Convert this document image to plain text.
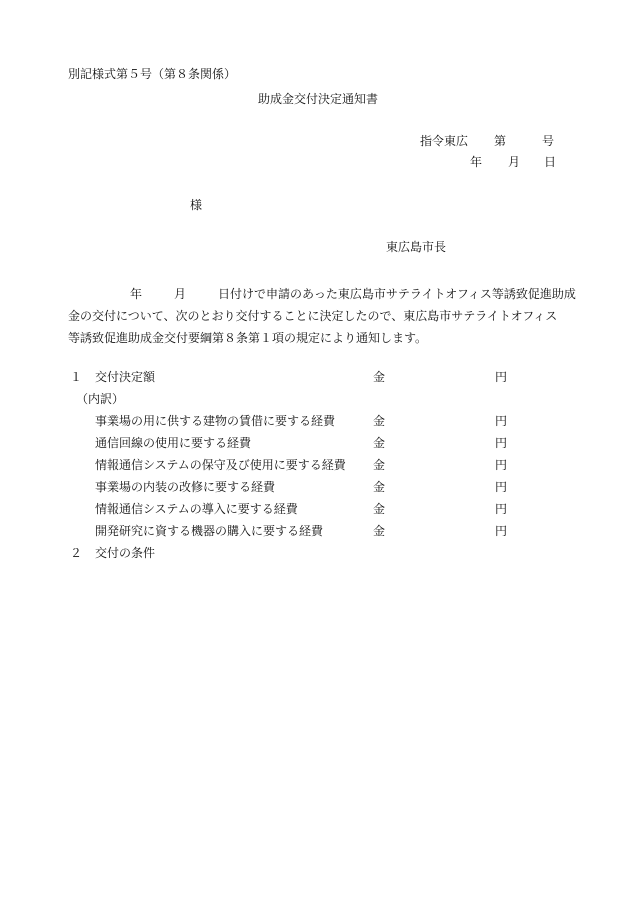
別記様式第５号（第８条関係）
助成金交付決定通知書
指令東広 第	号
年 月 日
様
東広島市長

年	月	日付けで申請のあった東広島市サテライトオフィス等誘致促進助成

金の交付について、次のとおり交付することに決定したので、東広島市サテライトオフィス

等誘致促進助成金交付要綱第８条第１項の規定により通知します。

１ 交付決定額	金	円
（内訳）
事業場の用に供する建物の賃借に要する経費	金	円
通信回線の使用に要する経費	金	円
情報通信システムの保守及び使用に要する経費 金	円
事業場の内装の改修に要する経費	金	円
情報通信システムの導入に要する経費	金	円
開発研究に資する機器の購入に要する経費	金	円
２ 交付の条件
